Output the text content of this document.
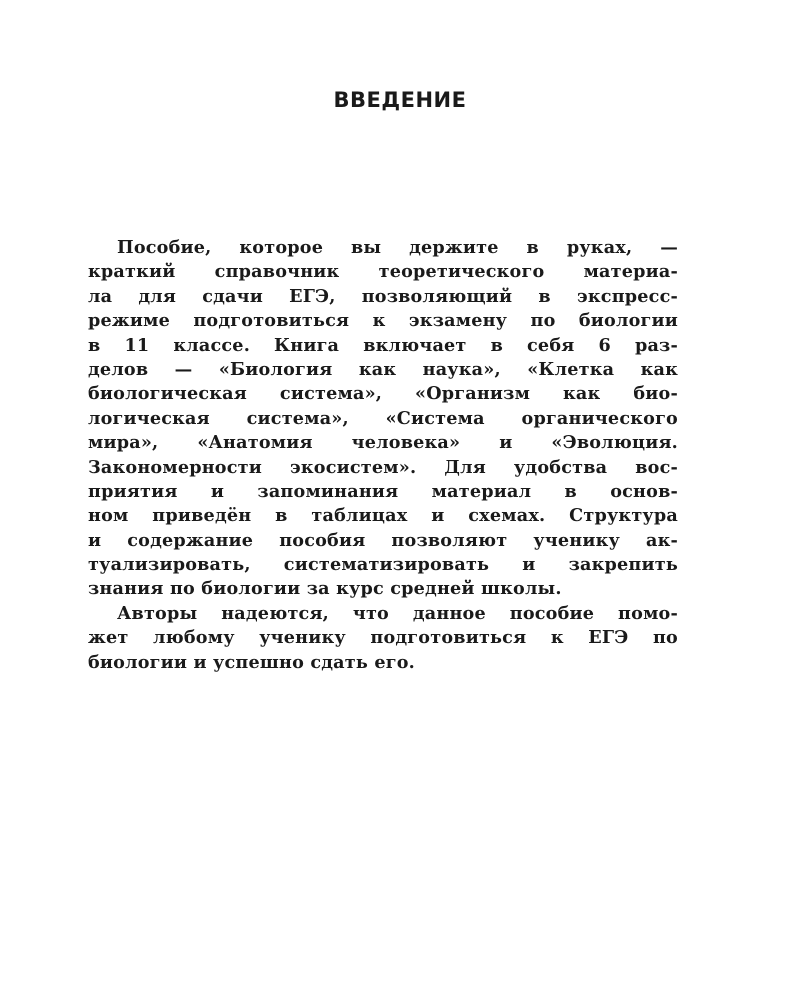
ВВЕДЕНИЕ
Пособие, которое вы держите в руках, —
краткий справочник теоретического материа-
ла для сдачи ЕГЭ, позволяющий в экспресс-
режиме подготовиться к экзамену по биологии
в 11 классе. Книга включает в себя 6 раз-
делов — «Биология как наука», «Клетка как
биологическая система», «Организм как био-
логическая система», «Система органического
мира», «Анатомия человека» и «Эволюция.
Закономерности экосистем». Для удобства вос-
приятия и запоминания материал в основ-
ном приведён в таблицах и схемах. Структура
и содержание пособия позволяют ученику ак-
туализировать, систематизировать и закрепить
знания по биологии за курс средней школы.
Авторы надеются, что данное пособие помо-
жет любому ученику подготовиться к ЕГЭ по
биологии и успешно сдать его.
